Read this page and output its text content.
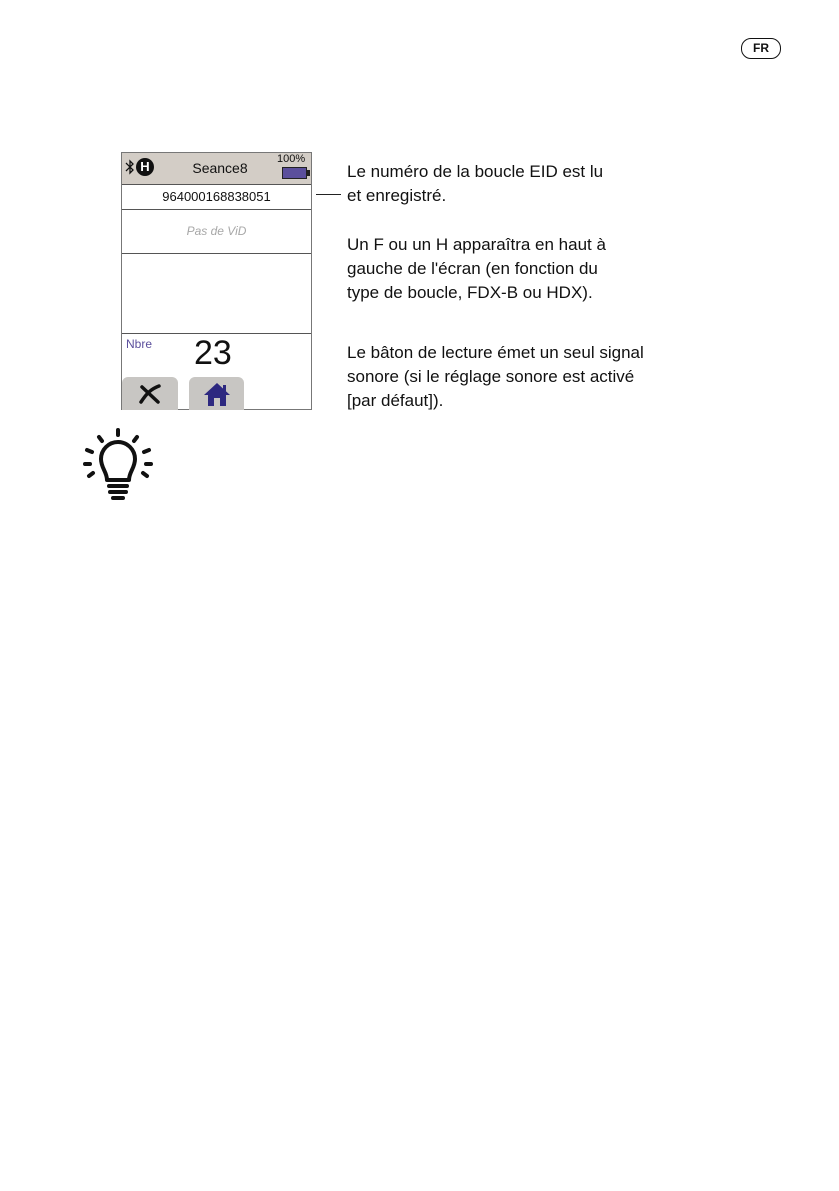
FR
H	Seance8
100%
964000168838051
Pas de ViD
Nbre 23
Le numéro de la boucle EID est lu
et enregistré.
Un F ou un H apparaîtra en haut à
gauche de l'écran (en fonction du
type de boucle, FDX-B ou HDX).
Le bâton de lecture émet un seul signal
sonore (si le réglage sonore est activé
[par défaut]).
